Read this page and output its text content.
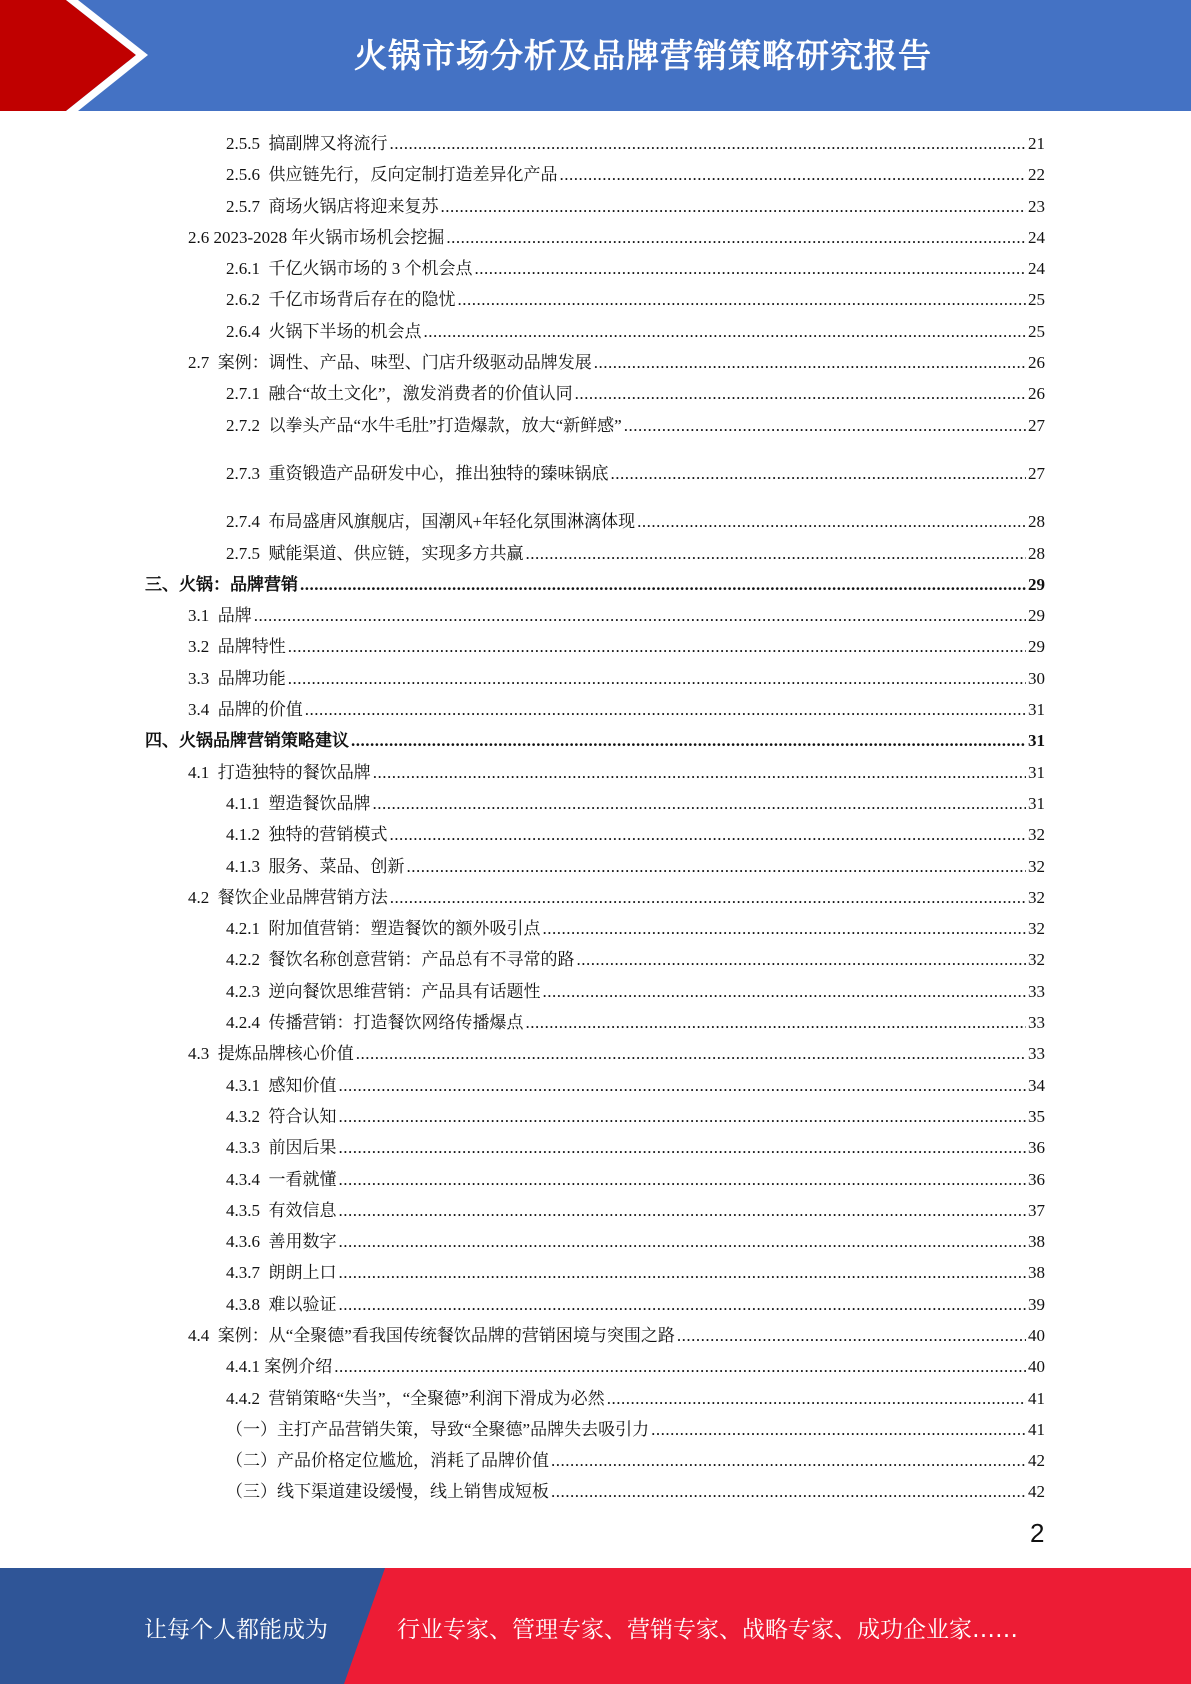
火锅市场分析及品牌营销策略研究报告
2.5.5  搞副牌又将流行 .....	21
2.5.6  供应链先行，反向定制打造差异化产品 .....	22
2.5.7  商场火锅店将迎来复苏 .....	23
2.6 2023-2028 年火锅市场机会挖掘 .....	24
2.6.1  千亿火锅市场的 3 个机会点 .....	24
2.6.2  千亿市场背后存在的隐忧 .....	25
2.6.4  火锅下半场的机会点 .....	25
2.7  案例：调性、产品、味型、门店升级驱动品牌发展 .....	26
2.7.1  融合“故土文化”，激发消费者的价值认同 .....	26
2.7.2  以拳头产品“水牛毛肚”打造爆款，放大“新鲜感” .....	27
2.7.3  重资锻造产品研发中心，推出独特的臻味锅底 .....	27
2.7.4  布局盛唐风旗舰店，国潮风+年轻化氛围淋漓体现 .....	28
2.7.5  赋能渠道、供应链，实现多方共赢 .....	28
三、火锅：品牌营销 .....	29
3.1  品牌 .....	29
3.2  品牌特性 .....	29
3.3  品牌功能 .....	30
3.4  品牌的价值 .....	31
四、火锅品牌营销策略建议 .....	31
4.1  打造独特的餐饮品牌 .....	31
4.1.1  塑造餐饮品牌 .....	31
4.1.2  独特的营销模式 .....	32
4.1.3  服务、菜品、创新 .....	32
4.2  餐饮企业品牌营销方法 .....	32
4.2.1  附加值营销：塑造餐饮的额外吸引点 .....	32
4.2.2  餐饮名称创意营销：产品总有不寻常的路 .....	32
4.2.3  逆向餐饮思维营销：产品具有话题性 .....	33
4.2.4  传播营销：打造餐饮网络传播爆点 .....	33
4.3  提炼品牌核心价值 .....	33
4.3.1  感知价值 .....	34
4.3.2  符合认知 .....	35
4.3.3  前因后果 .....	36
4.3.4  一看就懂 .....	36
4.3.5  有效信息 .....	37
4.3.6  善用数字 .....	38
4.3.7  朗朗上口 .....	38
4.3.8  难以验证 .....	39
4.4  案例：从“全聚德”看我国传统餐饮品牌的营销困境与突围之路 .....	40
4.4.1 案例介绍 .....	40
4.4.2  营销策略“失当”，“全聚德”利润下滑成为必然 .....	41
（一）主打产品营销失策，导致“全聚德”品牌失去吸引力 .....	41
（二）产品价格定位尴尬，消耗了品牌价值 .....	42
（三）线下渠道建设缓慢，线上销售成短板 .....	42
2
让每个人都能成为	行业专家、管理专家、营销专家、战略专家、成功企业家……
